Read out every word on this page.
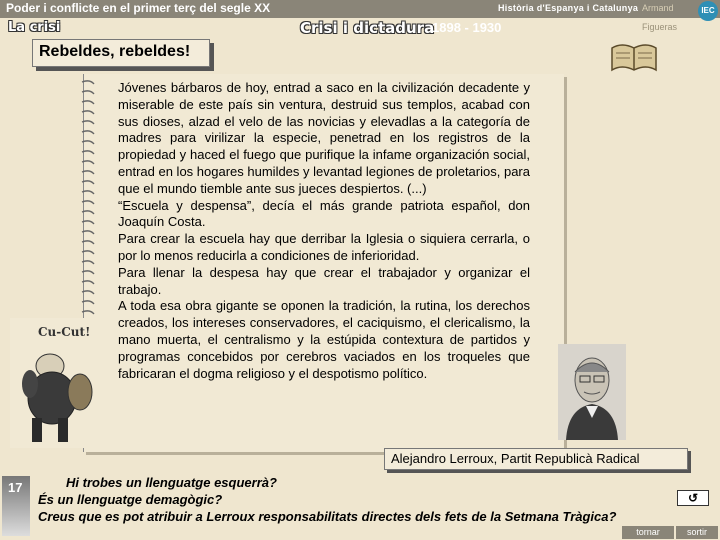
Poder i conflicte en el primer terç del segle XX	Història d'Espanya i Catalunya Armand
Figueras
IEC
La crisi	Crisi i dictadura
1898 - 1930
Rebeldes, rebeldes!

Jóvenes bárbaros de hoy, entrad a saco en la civilización decadente y miserable de este país sin ventura, destruid sus templos, acabad con sus dioses, alzad el velo de las novicias y elevadlas a la categoría de madres para virilizar la especie, penetrad en los registros de la propiedad y haced el fuego que purifique la infame organización social, entrad en los hogares humildes y levantad legiones de proletarios, para que el mundo tiemble ante sus jueces despiertos. (...)

“Escuela y despensa”, decía el más grande patriota español, don Joaquín Costa.

Para crear la escuela hay que derribar la Iglesia o siquiera cerrarla, o por lo menos reducirla a condiciones de inferioridad.

Para llenar la despesa hay que crear el trabajador y organizar el trabajo.

A toda esa obra gigante se oponen la tradición, la rutina, los derechos creados, los intereses conservadores, el caciquismo, el clericalismo, la mano muerta, el centralismo y la estúpida contextura de partidos y programas concebidos por cerebros vaciados en los troqueles que fabricaran el dogma religioso y el despotismo político.

Cu-Cut!
Alejandro Lerroux, Partit Republicà Radical
17	Hi trobes un llenguatge esquerrà?
És un llenguatge demagògic?
Creus que es pot atribuir a Lerroux responsabilitats directes dels fets de la Setmana Tràgica?
↺
tornar	sortir
